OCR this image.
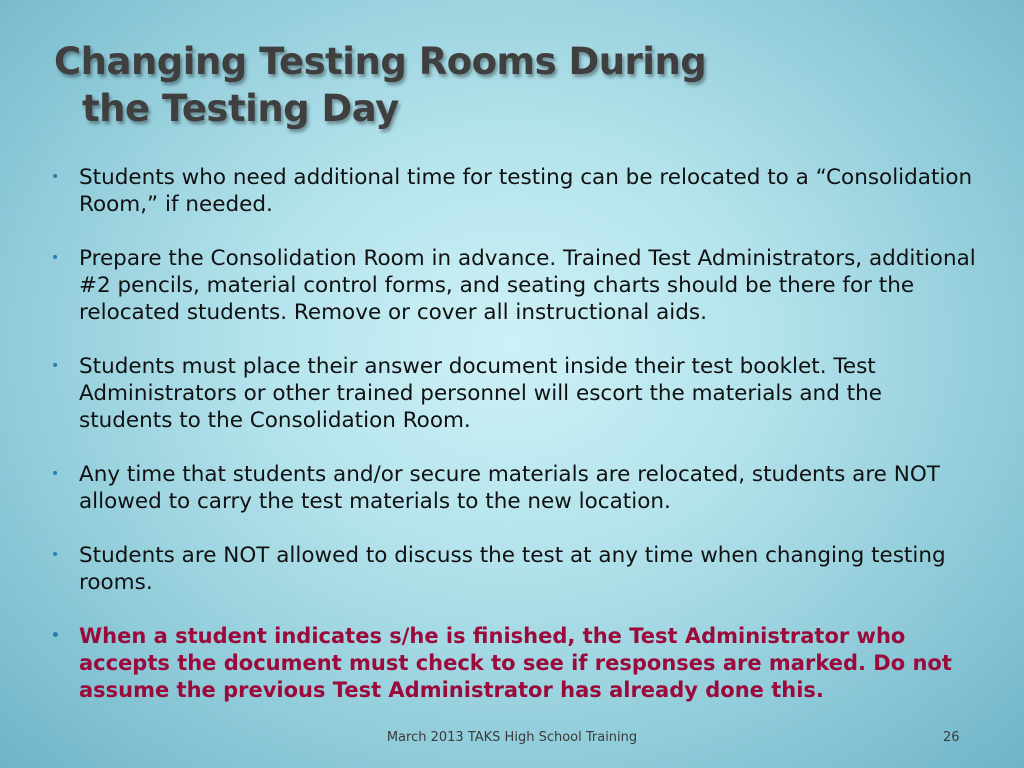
Changing Testing Rooms During
the Testing Day
• Students who need additional time for testing can be relocated to a “Consolidation Room,” if needed.
• Prepare the Consolidation Room in advance. Trained Test Administrators, additional #2 pencils, material control forms, and seating charts should be there for the relocated students. Remove or cover all instructional aids.
• Students must place their answer document inside their test booklet. Test Administrators or other trained personnel will escort the materials and the students to the Consolidation Room.
• Any time that students and/or secure materials are relocated, students are NOT allowed to carry the test materials to the new location.
• Students are NOT allowed to discuss the test at any time when changing testing rooms.
• When a student indicates s/he is finished, the Test Administrator who accepts the document must check to see if responses are marked. Do not assume the previous Test Administrator has already done this.
March 2013 TAKS High School Training	26
